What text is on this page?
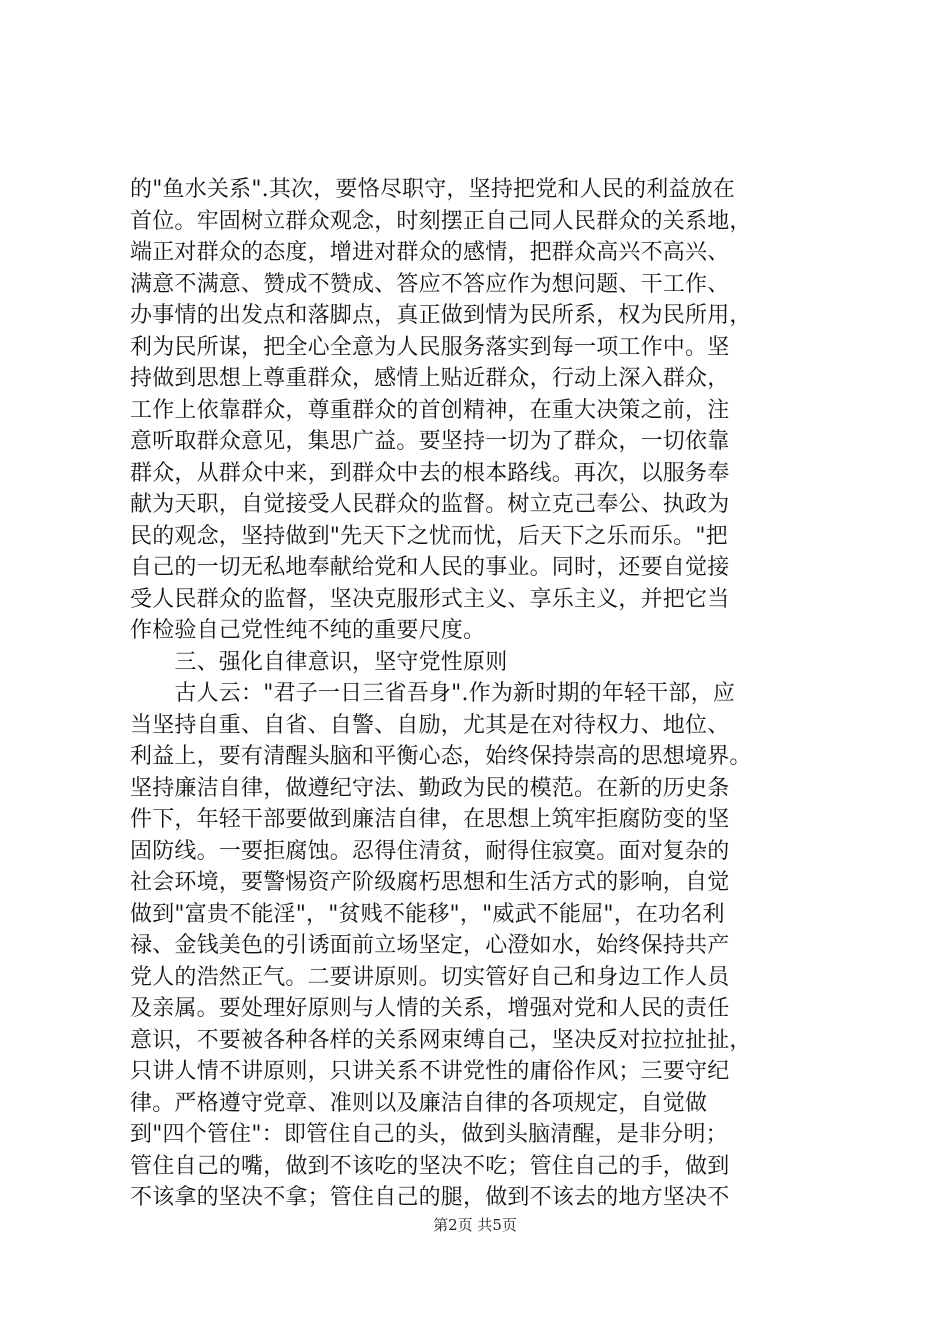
的"鱼水关系".其次，要恪尽职守，坚持把党和人民的利益放在
首位。牢固树立群众观念，时刻摆正自己同人民群众的关系地，
端正对群众的态度，增进对群众的感情，把群众高兴不高兴、
满意不满意、赞成不赞成、答应不答应作为想问题、干工作、
办事情的出发点和落脚点，真正做到情为民所系，权为民所用，
利为民所谋，把全心全意为人民服务落实到每一项工作中。坚
持做到思想上尊重群众，感情上贴近群众，行动上深入群众，
工作上依靠群众，尊重群众的首创精神，在重大决策之前，注
意听取群众意见，集思广益。要坚持一切为了群众，一切依靠
群众，从群众中来，到群众中去的根本路线。再次，以服务奉
献为天职，自觉接受人民群众的监督。树立克己奉公、执政为
民的观念，坚持做到"先天下之忧而忧，后天下之乐而乐。"把
自己的一切无私地奉献给党和人民的事业。同时，还要自觉接
受人民群众的监督，坚决克服形式主义、享乐主义，并把它当
作检验自己党性纯不纯的重要尺度。
　　三、强化自律意识，坚守党性原则
　　古人云："君子一日三省吾身".作为新时期的年轻干部，应
当坚持自重、自省、自警、自励，尤其是在对待权力、地位、
利益上，要有清醒头脑和平衡心态，始终保持崇高的思想境界。
坚持廉洁自律，做遵纪守法、勤政为民的模范。在新的历史条
件下，年轻干部要做到廉洁自律，在思想上筑牢拒腐防变的坚
固防线。一要拒腐蚀。忍得住清贫，耐得住寂寞。面对复杂的
社会环境，要警惕资产阶级腐朽思想和生活方式的影响，自觉
做到"富贵不能淫"，"贫贱不能移"，"威武不能屈"，在功名利
禄、金钱美色的引诱面前立场坚定，心澄如水，始终保持共产
党人的浩然正气。二要讲原则。切实管好自己和身边工作人员
及亲属。要处理好原则与人情的关系，增强对党和人民的责任
意识，不要被各种各样的关系网束缚自己，坚决反对拉拉扯扯，
只讲人情不讲原则，只讲关系不讲党性的庸俗作风；三要守纪
律。严格遵守党章、准则以及廉洁自律的各项规定，自觉做
到"四个管住"：即管住自己的头，做到头脑清醒，是非分明；
管住自己的嘴，做到不该吃的坚决不吃；管住自己的手，做到
不该拿的坚决不拿；管住自己的腿，做到不该去的地方坚决不
第2页 共5页
